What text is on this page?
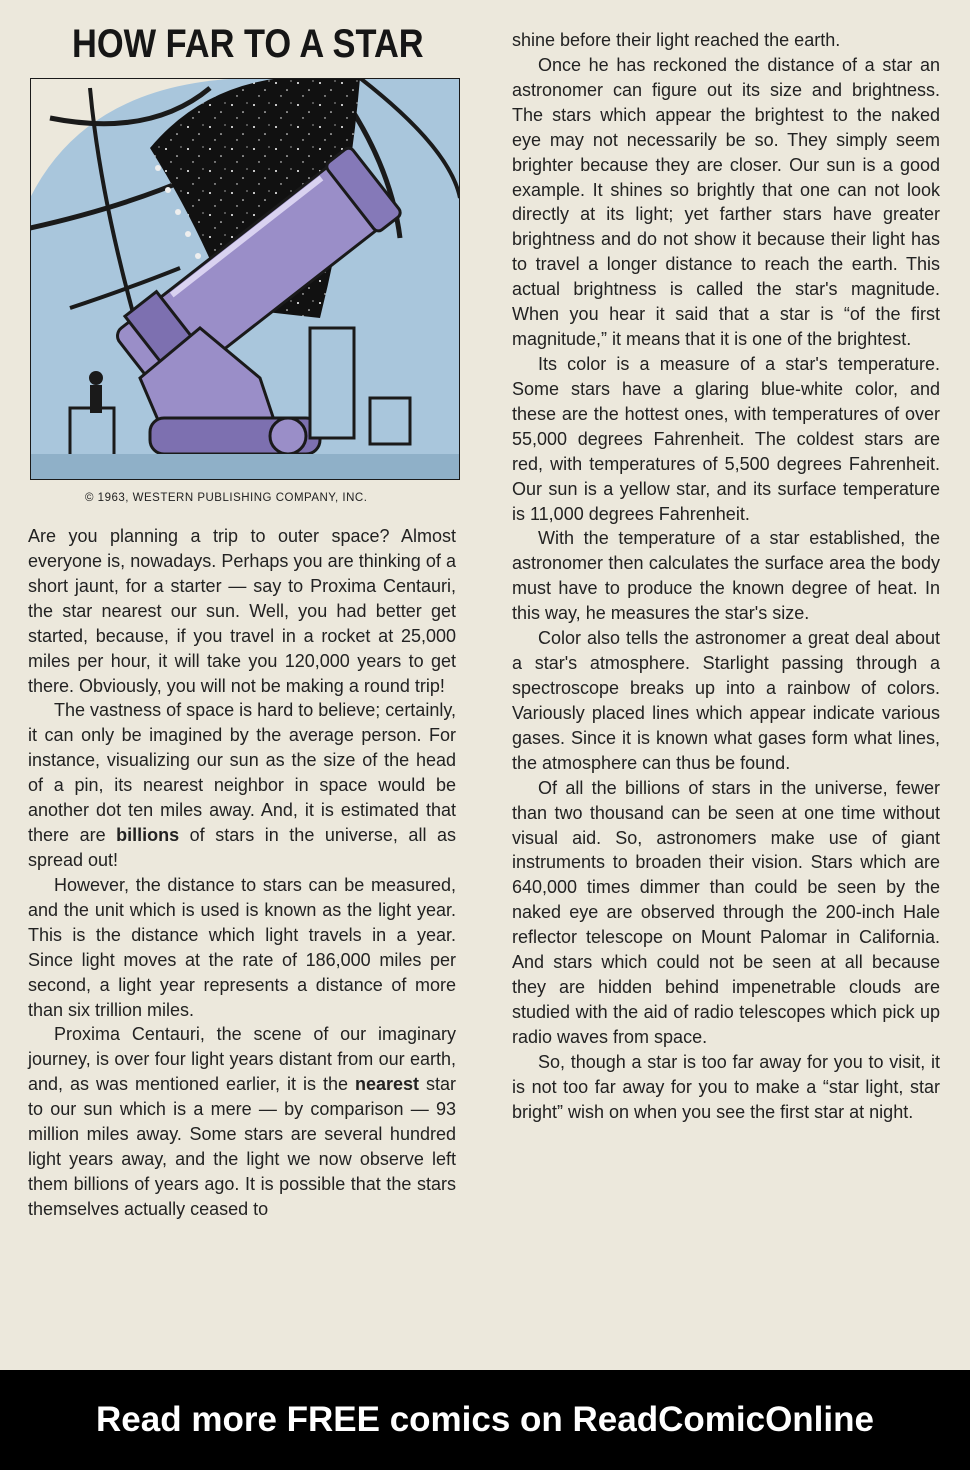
HOW FAR TO A STAR
© 1963, WESTERN PUBLISHING COMPANY, INC.

Are you planning a trip to outer space? Almost everyone is, nowadays. Perhaps you are thinking of a short jaunt, for a starter — say to Proxima Centauri, the star nearest our sun. Well, you had better get started, because, if you travel in a rocket at 25,000 miles per hour, it will take you 120,000 years to get there. Obviously, you will not be making a round trip!

The vastness of space is hard to believe; certainly, it can only be imagined by the average person. For instance, visualizing our sun as the size of the head of a pin, its nearest neighbor in space would be another dot ten miles away. And, it is estimated that there are billions of stars in the universe, all as spread out!

However, the distance to stars can be measured, and the unit which is used is known as the light year. This is the distance which light travels in a year. Since light moves at the rate of 186,000 miles per second, a light year represents a distance of more than six trillion miles.

Proxima Centauri, the scene of our imaginary journey, is over four light years distant from our earth, and, as was mentioned earlier, it is the nearest star to our sun which is a mere — by comparison — 93 million miles away. Some stars are several hundred light years away, and the light we now observe left them billions of years ago. It is possible that the stars themselves actually ceased to

shine before their light reached the earth.

Once he has reckoned the distance of a star an astronomer can figure out its size and brightness. The stars which appear the brightest to the naked eye may not necessarily be so. They simply seem brighter because they are closer. Our sun is a good example. It shines so brightly that one can not look directly at its light; yet farther stars have greater brightness and do not show it because their light has to travel a longer distance to reach the earth. This actual brightness is called the star's magnitude. When you hear it said that a star is “of the first magnitude,” it means that it is one of the brightest.

Its color is a measure of a star's temperature. Some stars have a glaring blue-white color, and these are the hottest ones, with temperatures of over 55,000 degrees Fahrenheit. The coldest stars are red, with temperatures of 5,500 degrees Fahrenheit. Our sun is a yellow star, and its surface temperature is 11,000 degrees Fahrenheit.

With the temperature of a star established, the astronomer then calculates the surface area the body must have to produce the known degree of heat. In this way, he measures the star's size.

Color also tells the astronomer a great deal about a star's atmosphere. Starlight passing through a spectroscope breaks up into a rainbow of colors. Variously placed lines which appear indicate various gases. Since it is known what gases form what lines, the atmosphere can thus be found.

Of all the billions of stars in the universe, fewer than two thousand can be seen at one time without visual aid. So, astronomers make use of giant instruments to broaden their vision. Stars which are 640,000 times dimmer than could be seen by the naked eye are observed through the 200-inch Hale reflector telescope on Mount Palomar in California. And stars which could not be seen at all because they are hidden behind impenetrable clouds are studied with the aid of radio telescopes which pick up radio waves from space.

So, though a star is too far away for you to visit, it is not too far away for you to make a “star light, star bright” wish on when you see the first star at night.

Read more FREE comics on ReadComicOnline
